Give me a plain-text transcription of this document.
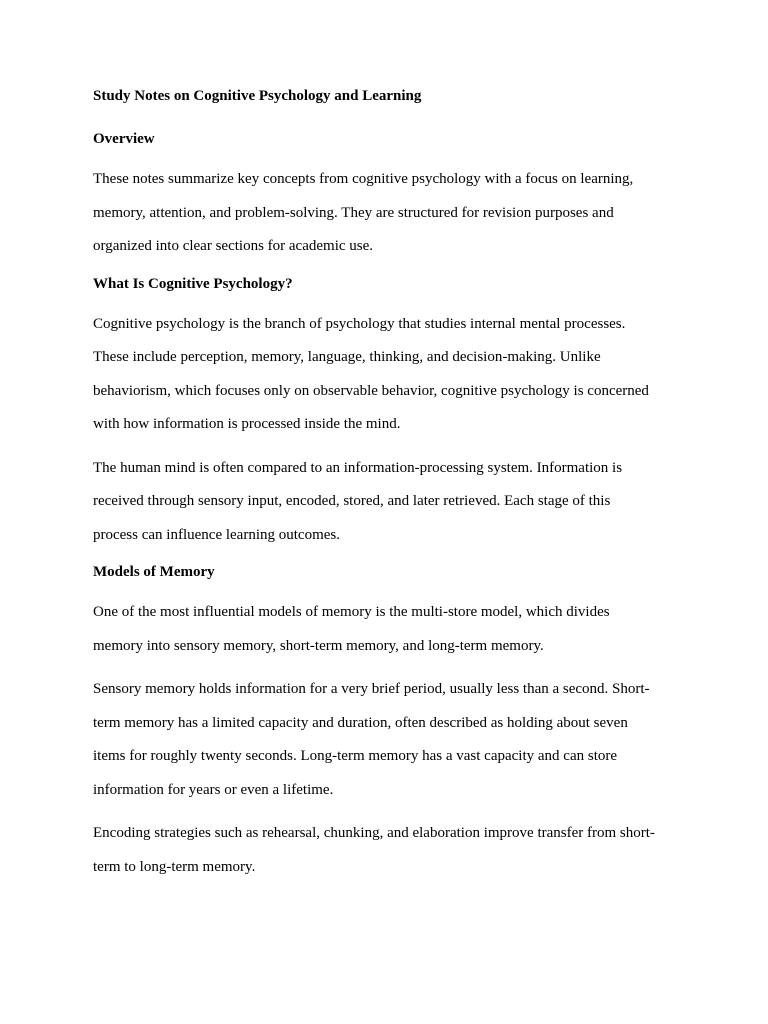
Study Notes on Cognitive Psychology and Learning
Overview

These notes summarize key concepts from cognitive psychology with a focus on learning,
memory, attention, and problem-solving. They are structured for revision purposes and
organized into clear sections for academic use.

What Is Cognitive Psychology?

Cognitive psychology is the branch of psychology that studies internal mental processes.
These include perception, memory, language, thinking, and decision-making. Unlike
behaviorism, which focuses only on observable behavior, cognitive psychology is concerned
with how information is processed inside the mind.

The human mind is often compared to an information-processing system. Information is
received through sensory input, encoded, stored, and later retrieved. Each stage of this
process can influence learning outcomes.

Models of Memory

One of the most influential models of memory is the multi-store model, which divides
memory into sensory memory, short-term memory, and long-term memory.

Sensory memory holds information for a very brief period, usually less than a second. Short-
term memory has a limited capacity and duration, often described as holding about seven
items for roughly twenty seconds. Long-term memory has a vast capacity and can store
information for years or even a lifetime.

Encoding strategies such as rehearsal, chunking, and elaboration improve transfer from short-
term to long-term memory.
